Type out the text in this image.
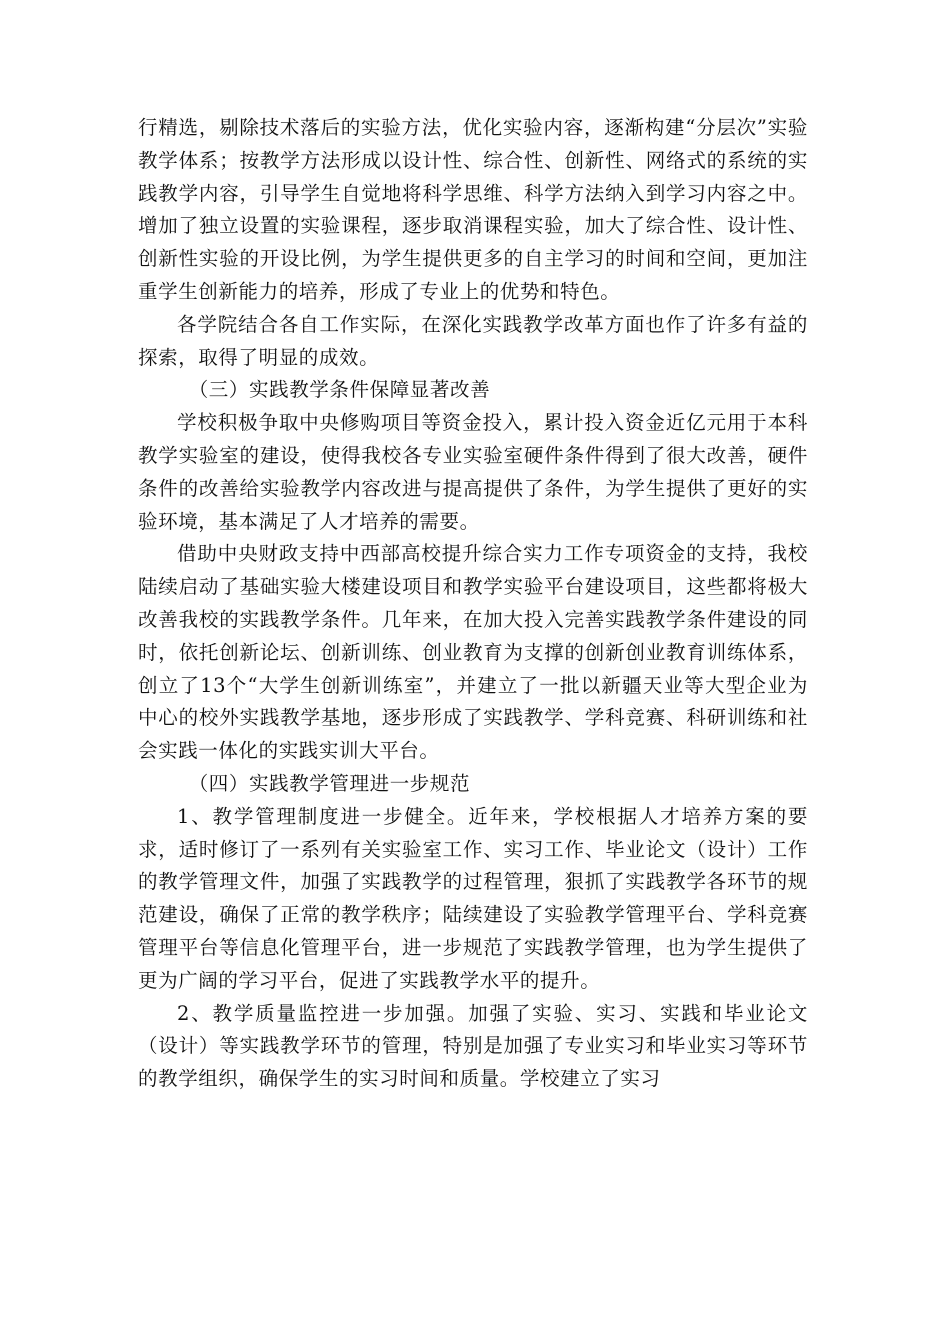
行精选，剔除技术落后的实验方法，优化实验内容，逐渐构建“分层次”实验教学体系；按教学方法形成以设计性、综合性、创新性、网络式的系统的实践教学内容，引导学生自觉地将科学思维、科学方法纳入到学习内容之中。增加了独立设置的实验课程，逐步取消课程实验，加大了综合性、设计性、创新性实验的开设比例，为学生提供更多的自主学习的时间和空间，更加注重学生创新能力的培养，形成了专业上的优势和特色。

各学院结合各自工作实际，在深化实践教学改革方面也作了许多有益的探索，取得了明显的成效。

（三）实践教学条件保障显著改善

学校积极争取中央修购项目等资金投入，累计投入资金近亿元用于本科教学实验室的建设，使得我校各专业实验室硬件条件得到了很大改善，硬件条件的改善给实验教学内容改进与提高提供了条件，为学生提供了更好的实验环境，基本满足了人才培养的需要。

借助中央财政支持中西部高校提升综合实力工作专项资金的支持，我校陆续启动了基础实验大楼建设项目和教学实验平台建设项目，这些都将极大改善我校的实践教学条件。几年来，在加大投入完善实践教学条件建设的同时，依托创新论坛、创新训练、创业教育为支撑的创新创业教育训练体系，创立了13个“大学生创新训练室”，并建立了一批以新疆天业等大型企业为中心的校外实践教学基地，逐步形成了实践教学、学科竞赛、科研训练和社会实践一体化的实践实训大平台。

（四）实践教学管理进一步规范

1、教学管理制度进一步健全。近年来，学校根据人才培养方案的要求，适时修订了一系列有关实验室工作、实习工作、毕业论文（设计）工作的教学管理文件，加强了实践教学的过程管理，狠抓了实践教学各环节的规范建设，确保了正常的教学秩序；陆续建设了实验教学管理平台、学科竞赛管理平台等信息化管理平台，进一步规范了实践教学管理，也为学生提供了更为广阔的学习平台，促进了实践教学水平的提升。

2、教学质量监控进一步加强。加强了实验、实习、实践和毕业论文（设计）等实践教学环节的管理，特别是加强了专业实习和毕业实习等环节的教学组织，确保学生的实习时间和质量。学校建立了实习
